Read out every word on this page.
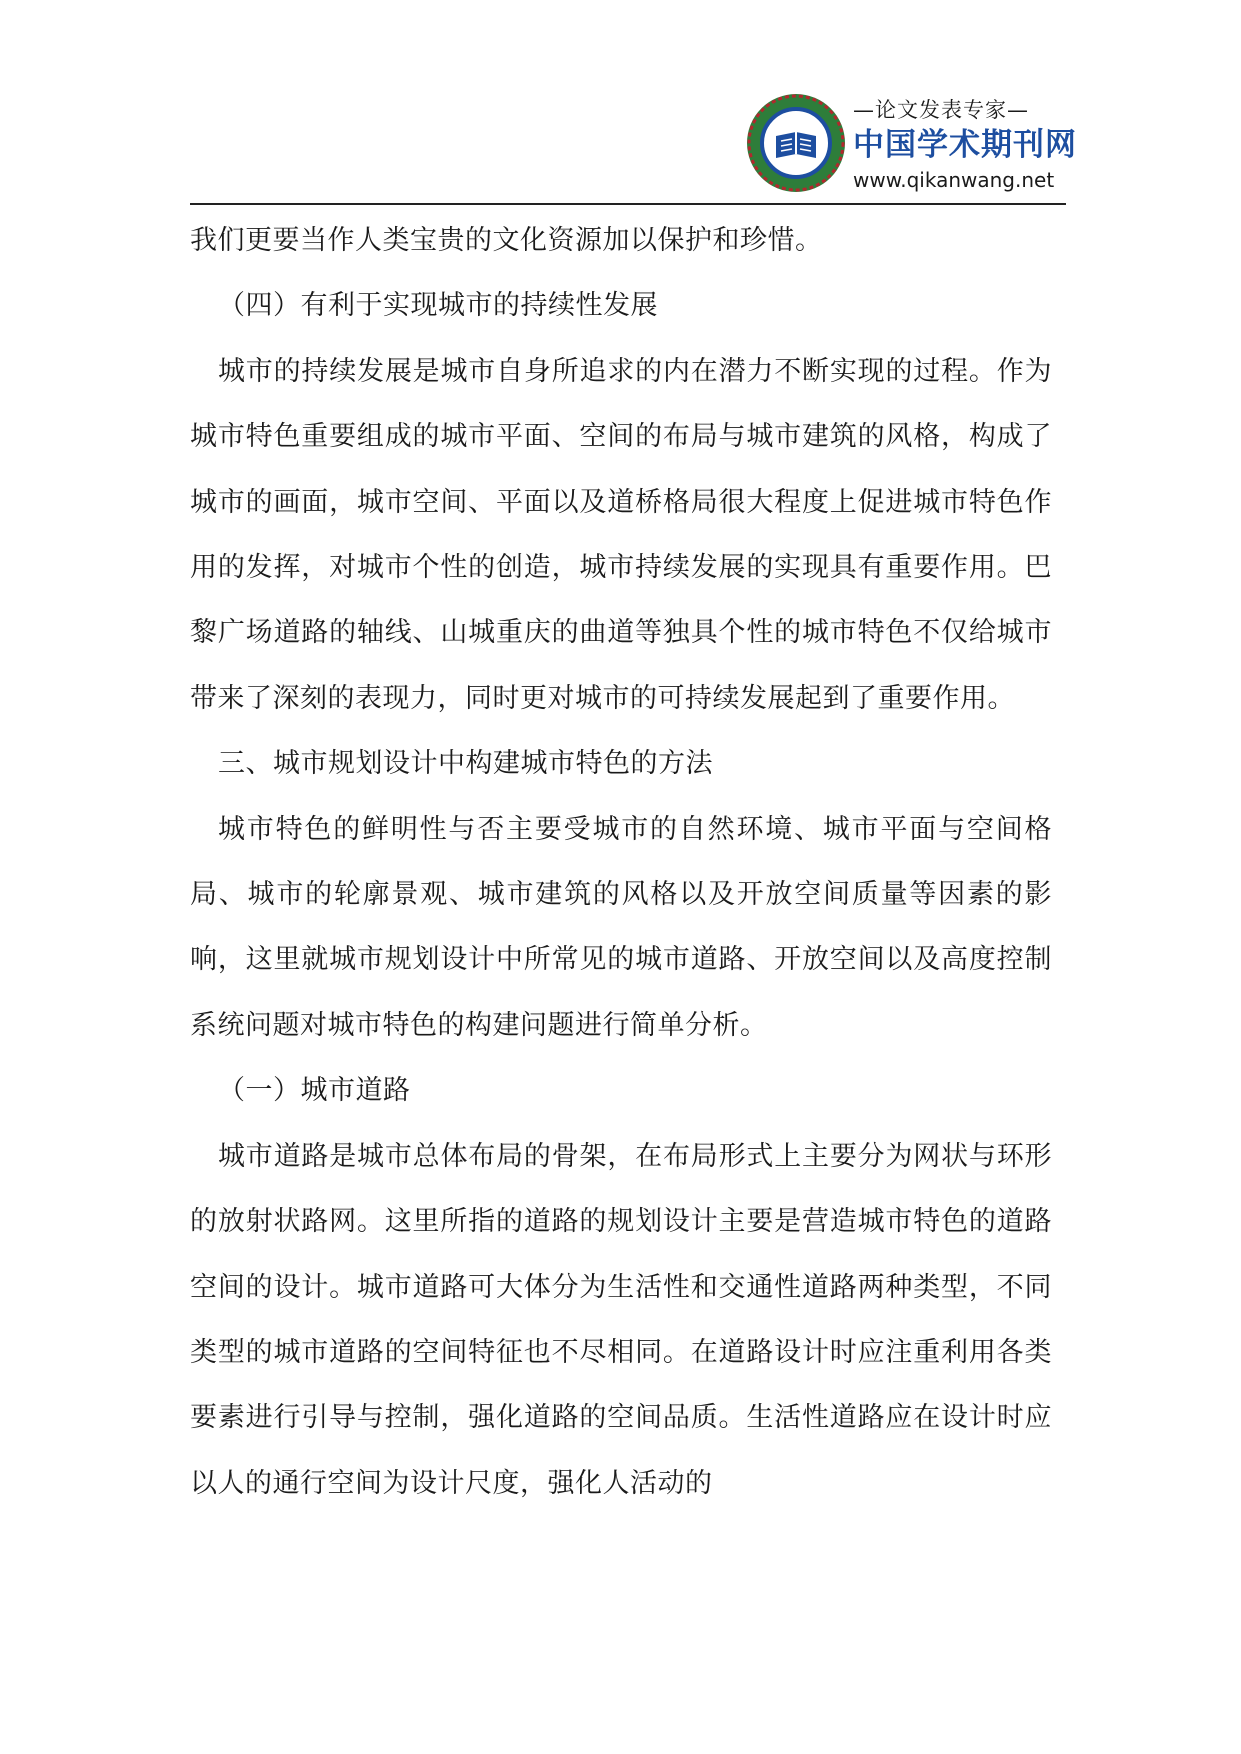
—论文发表专家—
中国学术期刊网
www.qikanwang.net

我们更要当作人类宝贵的文化资源加以保护和珍惜。

（四）有利于实现城市的持续性发展

城市的持续发展是城市自身所追求的内在潜力不断实现的过程。作为城市特色重要组成的城市平面、空间的布局与城市建筑的风格，构成了城市的画面，城市空间、平面以及道桥格局很大程度上促进城市特色作用的发挥，对城市个性的创造，城市持续发展的实现具有重要作用。巴黎广场道路的轴线、山城重庆的曲道等独具个性的城市特色不仅给城市带来了深刻的表现力，同时更对城市的可持续发展起到了重要作用。

三、城市规划设计中构建城市特色的方法

城市特色的鲜明性与否主要受城市的自然环境、城市平面与空间格局、城市的轮廓景观、城市建筑的风格以及开放空间质量等因素的影响，这里就城市规划设计中所常见的城市道路、开放空间以及高度控制系统问题对城市特色的构建问题进行简单分析。

（一）城市道路

城市道路是城市总体布局的骨架，在布局形式上主要分为网状与环形的放射状路网。这里所指的道路的规划设计主要是营造城市特色的道路空间的设计。城市道路可大体分为生活性和交通性道路两种类型，不同类型的城市道路的空间特征也不尽相同。在道路设计时应注重利用各类要素进行引导与控制，强化道路的空间品质。生活性道路应在设计时应以人的通行空间为设计尺度，强化人活动的
